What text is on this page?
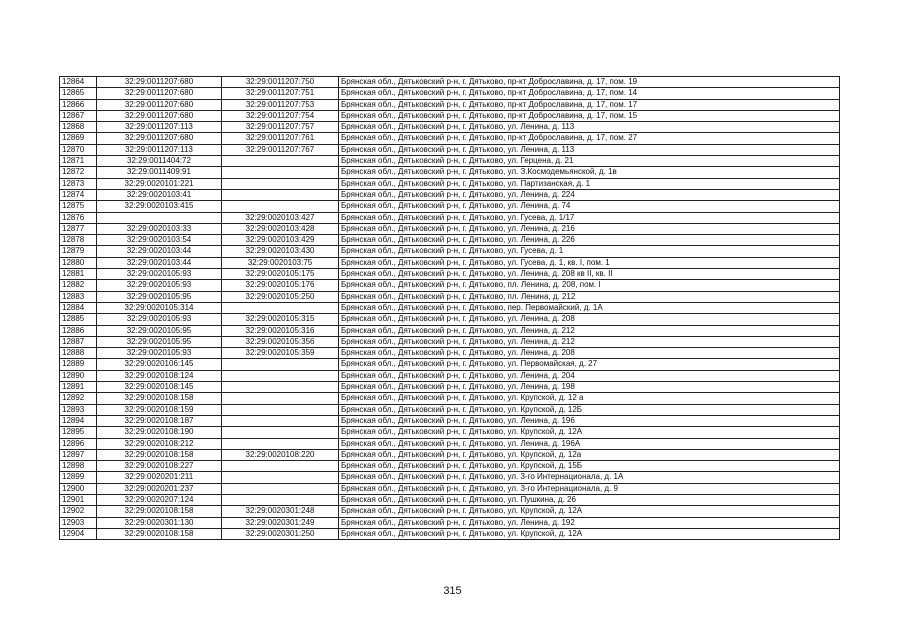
12864	32:29:0011207:680	32:29:0011207:750	Брянская обл., Дятьковский р-н, г. Дятьково, пр-кт Доброславина, д. 17, пом. 19
12865	32:29:0011207:680	32:29:0011207:751	Брянская обл., Дятьковский р-н, г. Дятьково, пр-кт Доброславина, д. 17, пом. 14
12866	32:29:0011207:680	32:29:0011207:753	Брянская обл., Дятьковский р-н, г. Дятьково, пр-кт Доброславина, д. 17, пом. 17
12867	32:29:0011207:680	32:29:0011207:754	Брянская обл., Дятьковский р-н, г. Дятьково, пр-кт Доброславина, д. 17, пом. 15
12868	32:29:0011207:113	32:29:0011207:757	Брянская обл., Дятьковский р-н, г. Дятьково, ул. Ленина, д. 113
12869	32:29:0011207:680	32:29:0011207:761	Брянская обл., Дятьковский р-н, г. Дятьково, пр-кт Доброславина, д. 17, пом. 27
12870	32:29:0011207:113	32:29:0011207:767	Брянская обл., Дятьковский р-н, г. Дятьково, ул. Ленина, д. 113
12871	32:29:0011404:72		Брянская обл., Дятьковский р-н, г. Дятьково, ул. Герцена, д. 21
12872	32:29:0011409:91		Брянская обл., Дятьковский р-н, г. Дятьково, ул. З.Космодемьянской, д. 1в
12873	32:29:0020101:221		Брянская обл., Дятьковский р-н, г. Дятьково, ул. Партизанская, д. 1
12874	32:29:0020103:41		Брянская обл., Дятьковский р-н, г. Дятьково, ул. Ленина, д. 224
12875	32:29:0020103:415		Брянская обл., Дятьковский р-н, г. Дятьково, ул. Ленина, д. 74
12876		32:29:0020103:427	Брянская обл., Дятьковский р-н, г. Дятьково, ул. Гусева, д. 1/17
12877	32:29:0020103:33	32:29:0020103:428	Брянская обл., Дятьковский р-н, г. Дятьково, ул. Ленина, д. 216
12878	32:29:0020103:54	32:29:0020103:429	Брянская обл., Дятьковский р-н, г. Дятьково, ул. Ленина, д. 226
12879	32:29:0020103:44	32:29:0020103:430	Брянская обл., Дятьковский р-н, г. Дятьково, ул. Гусева, д. 1
12880	32:29:0020103:44	32:29:0020103:75	Брянская обл., Дятьковский р-н, г. Дятьково, ул. Гусева, д. 1, кв. I, пом. 1
12881	32:29:0020105:93	32:29:0020105:175	Брянская обл., Дятьковский р-н, г. Дятьково, ул. Ленина, д. 208 кв II, кв. II
12882	32:29:0020105:93	32:29:0020105:176	Брянская обл., Дятьковский р-н, г. Дятьково, пл. Ленина, д. 208, пом. I
12883	32:29:0020105:95	32:29:0020105:250	Брянская обл., Дятьковский р-н, г. Дятьково, пл. Ленина, д. 212
12884	32:29:0020105:314		Брянская обл., Дятьковский р-н, г. Дятьково, пер. Первомайский, д. 1А
12885	32:29:0020105:93	32:29:0020105:315	Брянская обл., Дятьковский р-н, г. Дятьково, ул. Ленина, д. 208
12886	32:29:0020105:95	32:29:0020105:316	Брянская обл., Дятьковский р-н, г. Дятьково, ул. Ленина, д. 212
12887	32:29:0020105:95	32:29:0020105:356	Брянская обл., Дятьковский р-н, г. Дятьково, ул. Ленина, д. 212
12888	32:29:0020105:93	32:29:0020105:359	Брянская обл., Дятьковский р-н, г. Дятьково, ул. Ленина, д. 208
12889	32:29:0020106:145		Брянская обл., Дятьковский р-н, г. Дятьково, ул. Первомайская, д. 27
12890	32:29:0020108:124		Брянская обл., Дятьковский р-н, г. Дятьково, ул. Ленина, д. 204
12891	32:29:0020108:145		Брянская обл., Дятьковский р-н, г. Дятьково, ул. Ленина, д. 198
12892	32:29:0020108:158		Брянская обл., Дятьковский р-н, г. Дятьково, ул. Крупской, д. 12 а
12893	32:29:0020108:159		Брянская обл., Дятьковский р-н, г. Дятьково, ул. Крупской, д. 12Б
12894	32:29:0020108:187		Брянская обл., Дятьковский р-н, г. Дятьково, ул. Ленина, д. 196
12895	32:29:0020108:190		Брянская обл., Дятьковский р-н, г. Дятьково, ул. Крупской, д. 12А
12896	32:29:0020108:212		Брянская обл., Дятьковский р-н, г. Дятьково, ул. Ленина, д. 196А
12897	32:29:0020108:158	32:29:0020108:220	Брянская обл., Дятьковский р-н, г. Дятьково, ул. Крупской, д. 12а
12898	32:29:0020108:227		Брянская обл., Дятьковский р-н, г. Дятьково, ул. Крупской, д. 15Б
12899	32:29:0020201:211		Брянская обл., Дятьковский р-н, г. Дятьково, ул. 3-го Интернационала, д. 1А
12900	32:29:0020201:237		Брянская обл., Дятьковский р-н, г. Дятьково, ул. 3-го Интернационала, д. 9
12901	32:29:0020207:124		Брянская обл., Дятьковский р-н, г. Дятьково, ул. Пушкина, д. 26
12902	32:29:0020108:158	32:29:0020301:248	Брянская обл., Дятьковский р-н, г. Дятьково, ул. Крупской, д. 12А
12903	32:29:0020301:130	32:29:0020301:249	Брянская обл., Дятьковский р-н, г. Дятьково, ул. Ленина, д. 192
12904	32:29:0020108:158	32:29:0020301:250	Брянская обл., Дятьковский р-н, г. Дятьково, ул. Крупской, д. 12А
315
